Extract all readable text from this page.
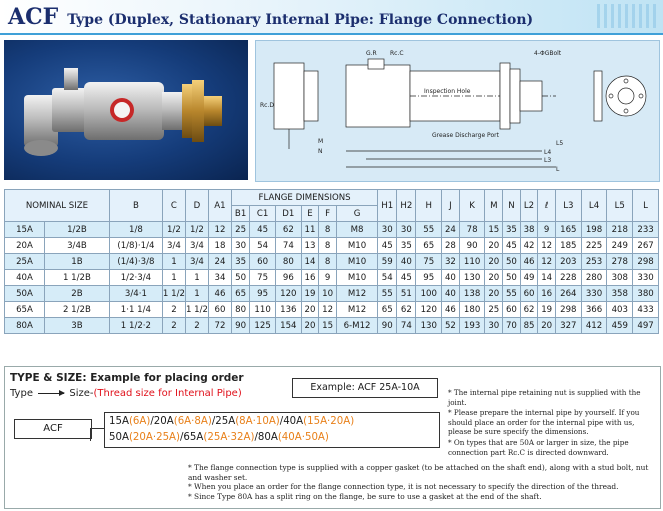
ACF Type (Duplex, Stationary Internal Pipe: Flange Connection)
G.R Rc.C	4-ΦGBolt
Inspection Hole
Grease Discharge Port
Rc.D
M
N
L
L3
L4
L5
NOMINAL SIZE		B	C	D	A1	FLANGE DIMENSIONS						H1	H2	H	J	K	M	N	L2	ℓ	L3	L4	L5	L
						B1	C1	D1	E	F	G													
15A	1/2B	1/8	1/2	1/2	12	25	45	62	11	8	M8	30	30	55	24	78	15	35	38	9	165	198	218	233
20A	3/4B	(1/8)·1/4	3/4	3/4	18	30	54	74	13	8	M10	45	35	65	28	90	20	45	42	12	185	225	249	267
25A	1B	(1/4)·3/8	1	3/4	24	35	60	80	14	8	M10	59	40	75	32	110	20	50	46	12	203	253	278	298
40A	1 1/2B	1/2·3/4	1	1	34	50	75	96	16	9	M10	54	45	95	40	130	20	50	49	14	228	280	308	330
50A	2B	3/4·1	1 1/2	1	46	65	95	120	19	10	M12	55	51	100	40	138	20	55	60	16	264	330	358	380
65A	2 1/2B	1·1 1/4	2	1 1/2	60	80	110	136	20	12	M12	65	62	120	46	180	25	60	62	19	298	366	403	433
80A	3B	1 1/2·2	2	2	72	90	125	154	20	15	6-M12	90	74	130	52	193	30	70	85	20	327	412	459	497
TYPE & SIZE: Example for placing order
Type	Size-(Thread size for Internal Pipe)
Example: ACF 25A-10A
ACF
15A(6A)/20A(6A·8A)/25A(8A·10A)/40A(15A·20A)
50A(20A·25A)/65A(25A·32A)/80A(40A·50A)
* The internal pipe retaining nut is supplied with the joint.
* Please prepare the internal pipe by yourself. If you should place an order for the internal pipe with us, please be sure specify the dimensions.
* On types that are 50A or larger in size, the pipe connection part Rc.C is directed downward.
* The flange connection type is supplied with a copper gasket (to be attached on the shaft end), along with a stud bolt, nut and washer set.
* When you place an order for the flange connection type, it is not necessary to specify the direction of the thread.
* Since Type 80A has a split ring on the flange, be sure to use a gasket at the end of the shaft.
